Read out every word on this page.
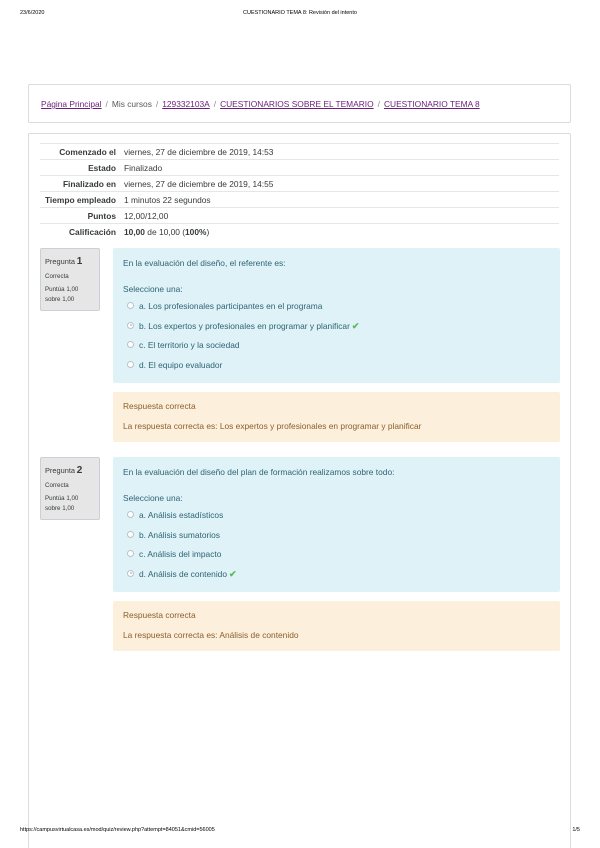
23/6/2020	CUESTIONARIO TEMA 8: Revisión del intento
Página Principal / Mis cursos / 129332103A / CUESTIONARIOS SOBRE EL TEMARIO / CUESTIONARIO TEMA 8
Comenzado el	viernes, 27 de diciembre de 2019, 14:53
Estado	Finalizado
Finalizado en	viernes, 27 de diciembre de 2019, 14:55
Tiempo empleado	1 minutos 22 segundos
Puntos	12,00/12,00
Calificación	10,00 de 10,00 (100%)
Pregunta 1
Correcta
Puntúa 1,00
sobre 1,00
En la evaluación del diseño, el referente es:
Seleccione una:
a. Los profesionales participantes en el programa
b. Los expertos y profesionales en programar y planificar ✔
c. El territorio y la sociedad
d. El equipo evaluador
Respuesta correcta
La respuesta correcta es: Los expertos y profesionales en programar y planificar
Pregunta 2
Correcta
Puntúa 1,00
sobre 1,00
En la evaluación del diseño del plan de formación realizamos sobre todo:
Seleccione una:
a. Análisis estadísticos
b. Análisis sumatorios
c. Análisis del impacto
d. Análisis de contenido ✔
Respuesta correcta
La respuesta correcta es: Análisis de contenido
https://campusvirtualcasa.es/mod/quiz/review.php?attempt=84051&cmid=56005	1/5
